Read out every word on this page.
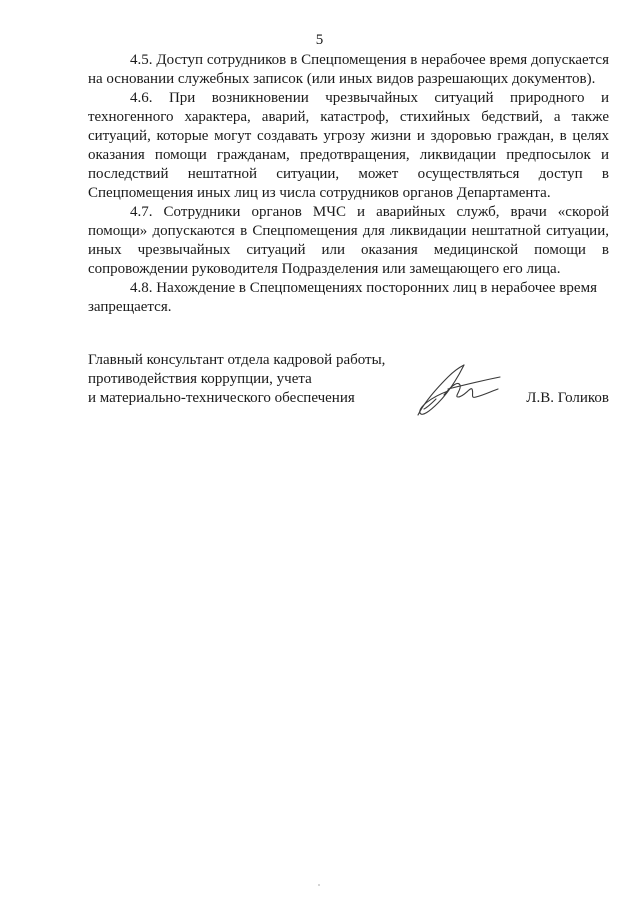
5

4.5. Доступ сотрудников в Спецпомещения в нерабочее время допускается на основании служебных записок (или иных видов разрешающих документов).

4.6. При возникновении чрезвычайных ситуаций природного и техногенного характера, аварий, катастроф, стихийных бедствий, а также ситуаций, которые могут создавать угрозу жизни и здоровью граждан, в целях оказания помощи гражданам, предотвращения, ликвидации предпосылок и последствий нештатной ситуации, может осуществляться доступ в Спецпомещения иных лиц из числа сотрудников органов Департамента.

4.7. Сотрудники органов МЧС и аварийных служб, врачи «скорой помощи» допускаются в Спецпомещения для ликвидации нештатной ситуации, иных чрезвычайных ситуаций или оказания медицинской помощи в сопровождении руководителя Подразделения или замещающего его лица.

4.8. Нахождение в Спецпомещениях посторонних лиц в нерабочее время запрещается.

Главный консультант отдела кадровой работы,
противодействия коррупции, учета
и материально-технического обеспечения	Л.В. Голиков
